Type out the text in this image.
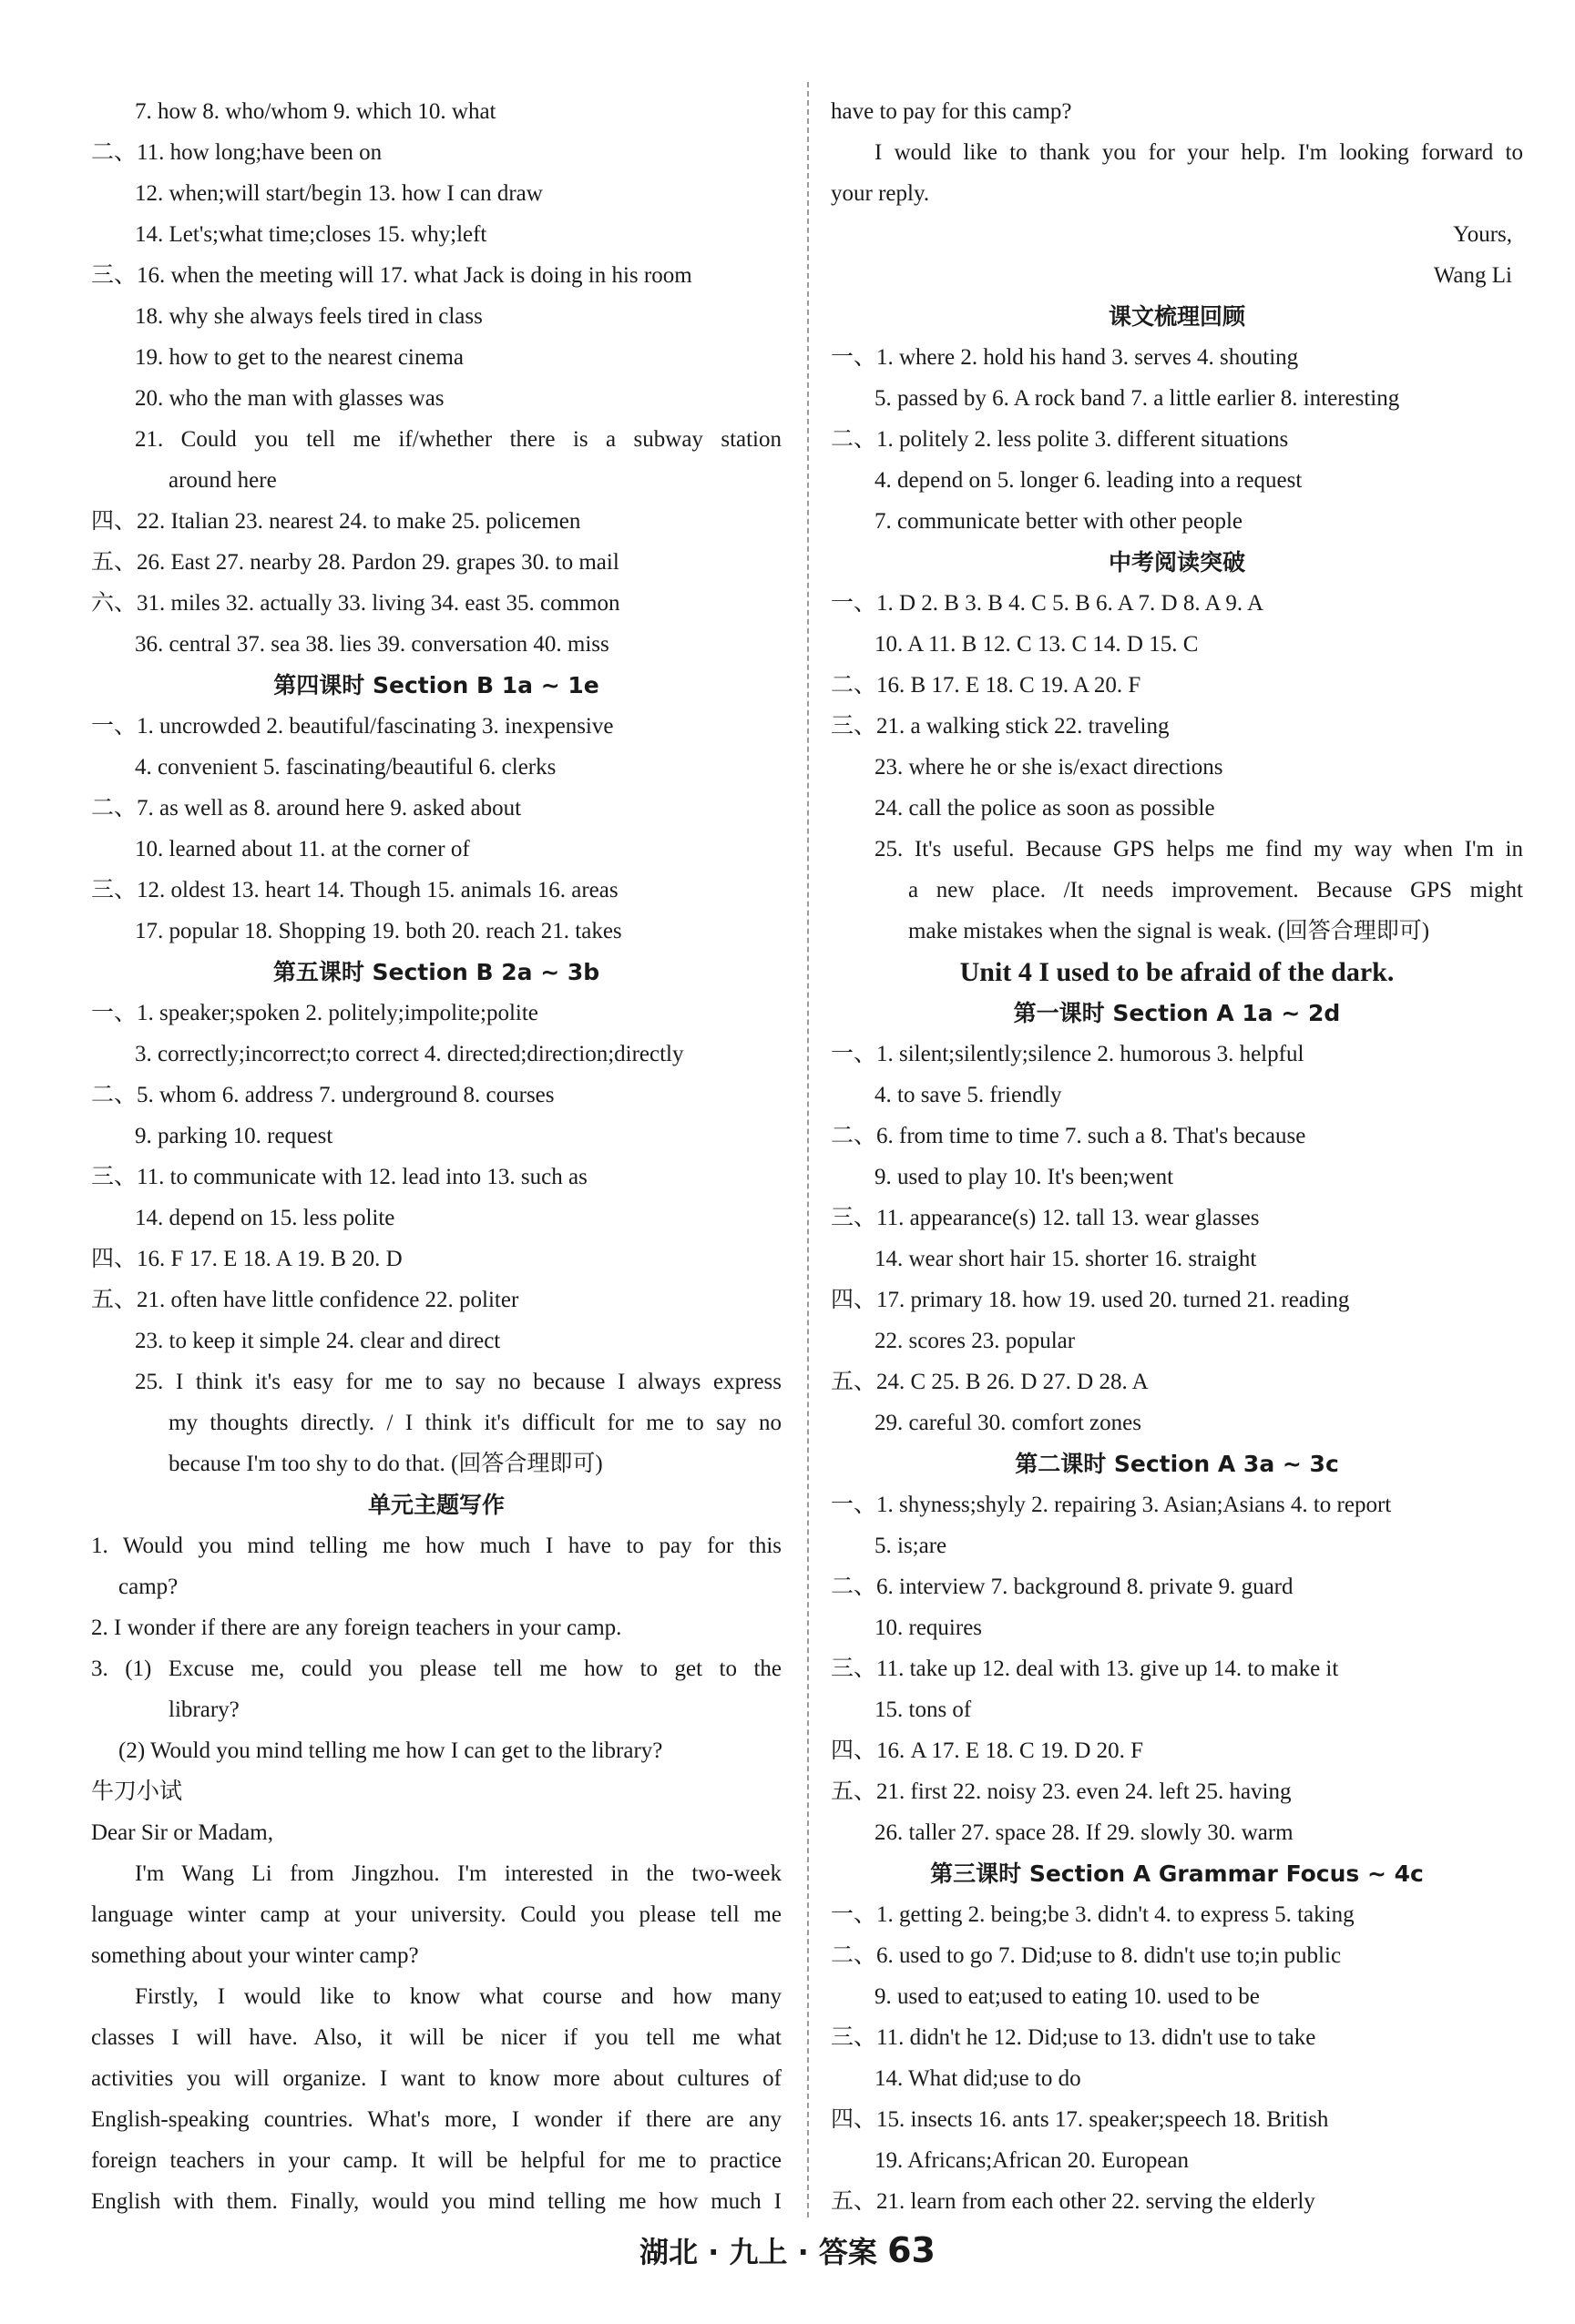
7. how 8. who/whom 9. which 10. what
二、11. how long;have been on
12. when;will start/begin 13. how I can draw
14. Let's;what time;closes 15. why;left
三、16. when the meeting will 17. what Jack is doing in his room
18. why she always feels tired in class
19. how to get to the nearest cinema
20. who the man with glasses was
21. Could you tell me if/whether there is a subway station
around here
四、22. Italian 23. nearest 24. to make 25. policemen
五、26. East 27. nearby 28. Pardon 29. grapes 30. to mail
六、31. miles 32. actually 33. living 34. east 35. common
36. central 37. sea 38. lies 39. conversation 40. miss
第四课时 Section B 1a ~ 1e
一、1. uncrowded 2. beautiful/fascinating 3. inexpensive
4. convenient 5. fascinating/beautiful 6. clerks
二、7. as well as 8. around here 9. asked about
10. learned about 11. at the corner of
三、12. oldest 13. heart 14. Though 15. animals 16. areas
17. popular 18. Shopping 19. both 20. reach 21. takes
第五课时 Section B 2a ~ 3b
一、1. speaker;spoken 2. politely;impolite;polite
3. correctly;incorrect;to correct 4. directed;direction;directly
二、5. whom 6. address 7. underground 8. courses
9. parking 10. request
三、11. to communicate with 12. lead into 13. such as
14. depend on 15. less polite
四、16. F 17. E 18. A 19. B 20. D
五、21. often have little confidence 22. politer
23. to keep it simple 24. clear and direct
25. I think it's easy for me to say no because I always express
my thoughts directly. / I think it's difficult for me to say no
because I'm too shy to do that. (回答合理即可)
单元主题写作
1. Would you mind telling me how much I have to pay for this
camp?
2. I wonder if there are any foreign teachers in your camp.
3. (1) Excuse me, could you please tell me how to get to the
library?
(2) Would you mind telling me how I can get to the library?
牛刀小试
Dear Sir or Madam,
I'm Wang Li from Jingzhou. I'm interested in the two-week
language winter camp at your university. Could you please tell me
something about your winter camp?
Firstly, I would like to know what course and how many
classes I will have. Also, it will be nicer if you tell me what
activities you will organize. I want to know more about cultures of
English-speaking countries. What's more, I wonder if there are any
foreign teachers in your camp. It will be helpful for me to practice
English with them. Finally, would you mind telling me how much I
have to pay for this camp?
I would like to thank you for your help. I'm looking forward to
your reply.
Yours,
Wang Li
课文梳理回顾
一、1. where 2. hold his hand 3. serves 4. shouting
5. passed by 6. A rock band 7. a little earlier 8. interesting
二、1. politely 2. less polite 3. different situations
4. depend on 5. longer 6. leading into a request
7. communicate better with other people
中考阅读突破
一、1. D 2. B 3. B 4. C 5. B 6. A 7. D 8. A 9. A
10. A 11. B 12. C 13. C 14. D 15. C
二、16. B 17. E 18. C 19. A 20. F
三、21. a walking stick 22. traveling
23. where he or she is/exact directions
24. call the police as soon as possible
25. It's useful. Because GPS helps me find my way when I'm in
a new place. /It needs improvement. Because GPS might
make mistakes when the signal is weak. (回答合理即可)
Unit 4 I used to be afraid of the dark.
第一课时 Section A 1a ~ 2d
一、1. silent;silently;silence 2. humorous 3. helpful
4. to save 5. friendly
二、6. from time to time 7. such a 8. That's because
9. used to play 10. It's been;went
三、11. appearance(s) 12. tall 13. wear glasses
14. wear short hair 15. shorter 16. straight
四、17. primary 18. how 19. used 20. turned 21. reading
22. scores 23. popular
五、24. C 25. B 26. D 27. D 28. A
29. careful 30. comfort zones
第二课时 Section A 3a ~ 3c
一、1. shyness;shyly 2. repairing 3. Asian;Asians 4. to report
5. is;are
二、6. interview 7. background 8. private 9. guard
10. requires
三、11. take up 12. deal with 13. give up 14. to make it
15. tons of
四、16. A 17. E 18. C 19. D 20. F
五、21. first 22. noisy 23. even 24. left 25. having
26. taller 27. space 28. If 29. slowly 30. warm
第三课时 Section A Grammar Focus ~ 4c
一、1. getting 2. being;be 3. didn't 4. to express 5. taking
二、6. used to go 7. Did;use to 8. didn't use to;in public
9. used to eat;used to eating 10. used to be
三、11. didn't he 12. Did;use to 13. didn't use to take
14. What did;use to do
四、15. insects 16. ants 17. speaker;speech 18. British
19. Africans;African 20. European
五、21. learn from each other 22. serving the elderly
湖北 · 九上 · 答案 63
